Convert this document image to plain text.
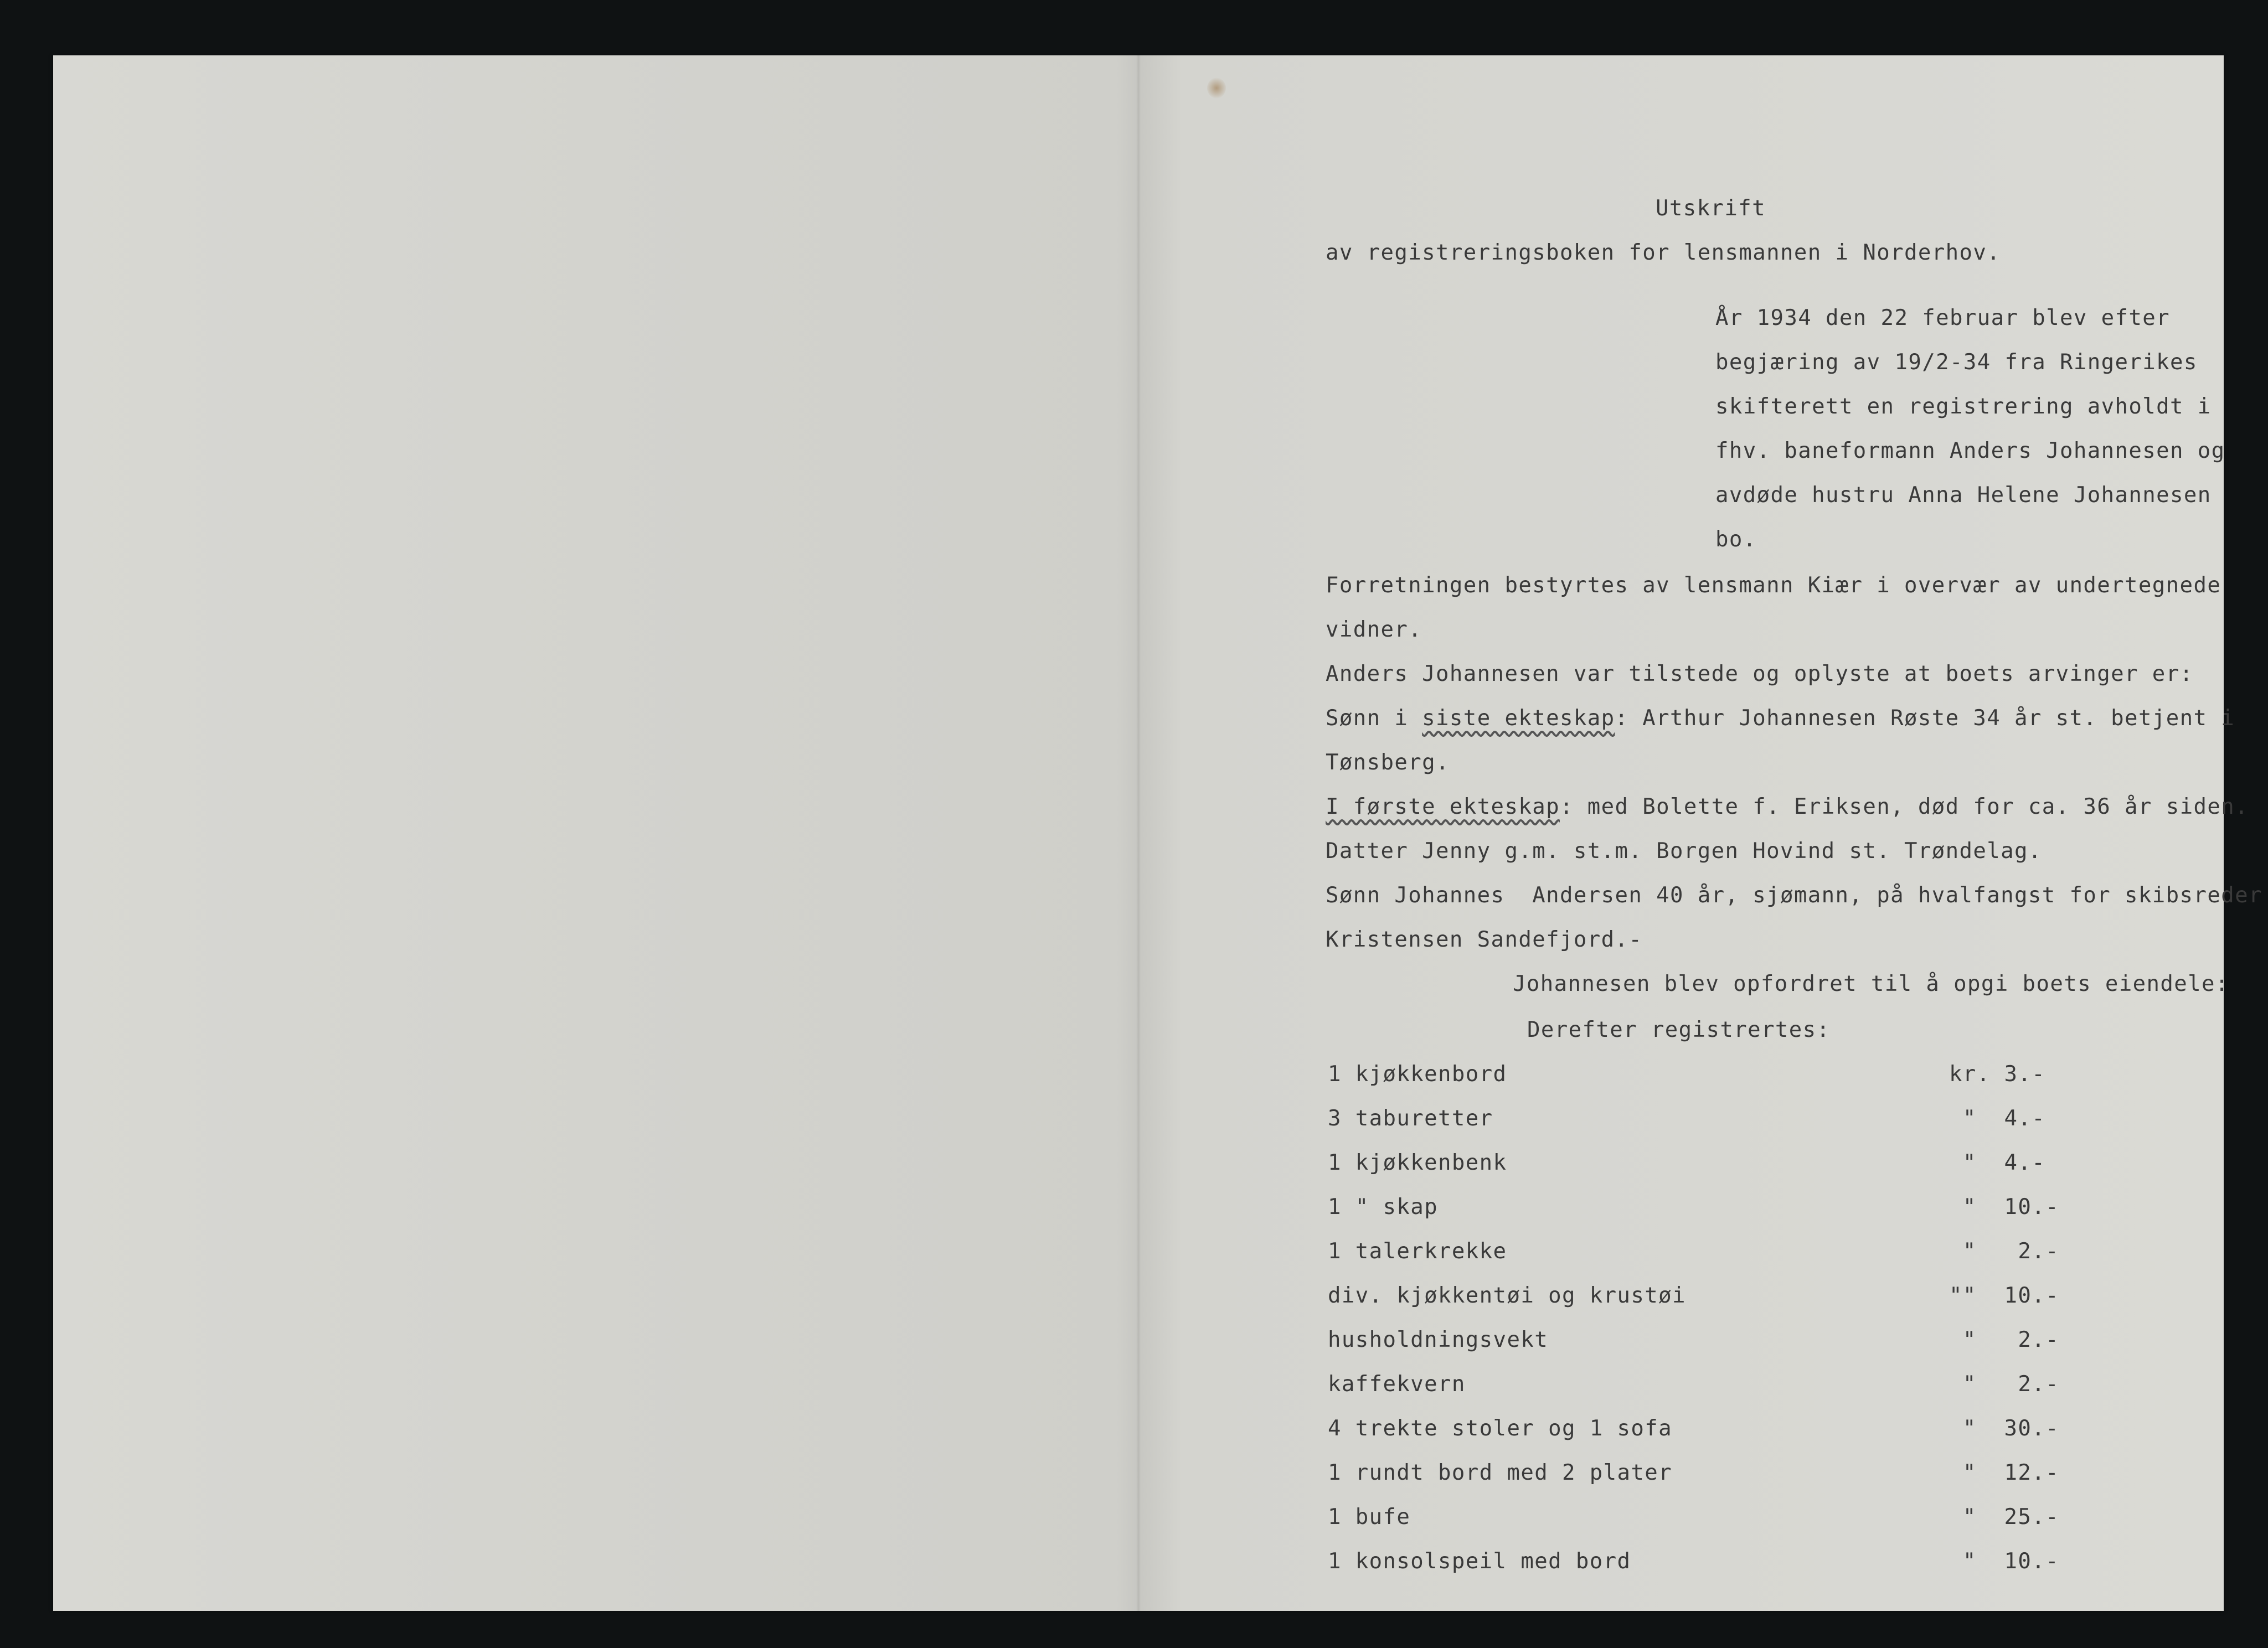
Utskrift

av registreringsboken for lensmannen i Norderhov.

År 1934 den 22 februar blev efter

begjæring av 19/2-34 fra Ringerikes

skifterett en registrering avholdt i

fhv. baneformann Anders Johannesen og

avdøde hustru Anna Helene Johannesen

bo.

Forretningen bestyrtes av lensmann Kiær i overvær av undertegnede

vidner.

Anders Johannesen var tilstede og oplyste at boets arvinger er:

Sønn i siste ekteskap: Arthur Johannesen Røste 34 år st. betjent i

Tønsberg.

I første ekteskap: med Bolette f. Eriksen, død for ca. 36 år siden.

Datter Jenny g.m. st.m. Borgen Hovind st. Trøndelag.

Sønn Johannes  Andersen 40 år, sjømann, på hvalfangst for skibsreder

Kristensen Sandefjord.-

Johannesen blev opfordret til å opgi boets eiendele:

Derefter registrertes:

1 kjøkkenbord	kr. 3.-

3 taburetter	"  4.-

1 kjøkkenbenk	"  4.-

1 " skap	"  10.-

1 talerkrekke	"   2.-

div. kjøkkentøi og krustøi	""  10.-

husholdningsvekt	"   2.-

kaffekvern	"   2.-

4 trekte stoler og 1 sofa	"  30.-

1 rundt bord med 2 plater	"  12.-

1 bufe	"  25.-

1 konsolspeil med bord	"  10.-
